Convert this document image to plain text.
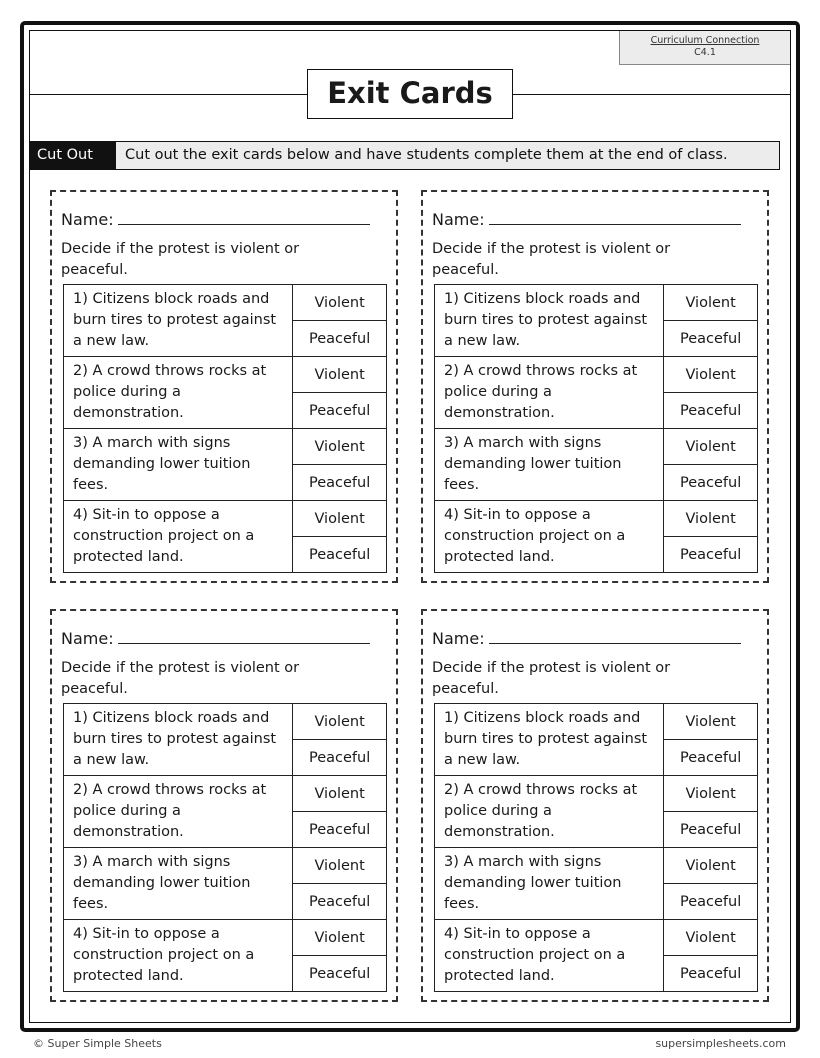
Curriculum Connection
C4.1
Exit Cards
Cut Out	Cut out the exit cards below and have students complete them at the end of class.
Name:
Decide if the protest is violent or peaceful.
1) Citizens block roads and burn tires to protest against a new law.	Violent
	Peaceful
2) A crowd throws rocks at police during a demonstration.	Violent
	Peaceful
3) A march with signs demanding lower tuition fees.	Violent
	Peaceful
4) Sit-in to oppose a construction project on a protected land.	Violent
	Peaceful
Name:
Decide if the protest is violent or peaceful.
1) Citizens block roads and burn tires to protest against a new law.	Violent
	Peaceful
2) A crowd throws rocks at police during a demonstration.	Violent
	Peaceful
3) A march with signs demanding lower tuition fees.	Violent
	Peaceful
4) Sit-in to oppose a construction project on a protected land.	Violent
	Peaceful
Name:
Decide if the protest is violent or peaceful.
1) Citizens block roads and burn tires to protest against a new law.	Violent
	Peaceful
2) A crowd throws rocks at police during a demonstration.	Violent
	Peaceful
3) A march with signs demanding lower tuition fees.	Violent
	Peaceful
4) Sit-in to oppose a construction project on a protected land.	Violent
	Peaceful
Name:
Decide if the protest is violent or peaceful.
1) Citizens block roads and burn tires to protest against a new law.	Violent
	Peaceful
2) A crowd throws rocks at police during a demonstration.	Violent
	Peaceful
3) A march with signs demanding lower tuition fees.	Violent
	Peaceful
4) Sit-in to oppose a construction project on a protected land.	Violent
	Peaceful
© Super Simple Sheets	supersimplesheets.com
